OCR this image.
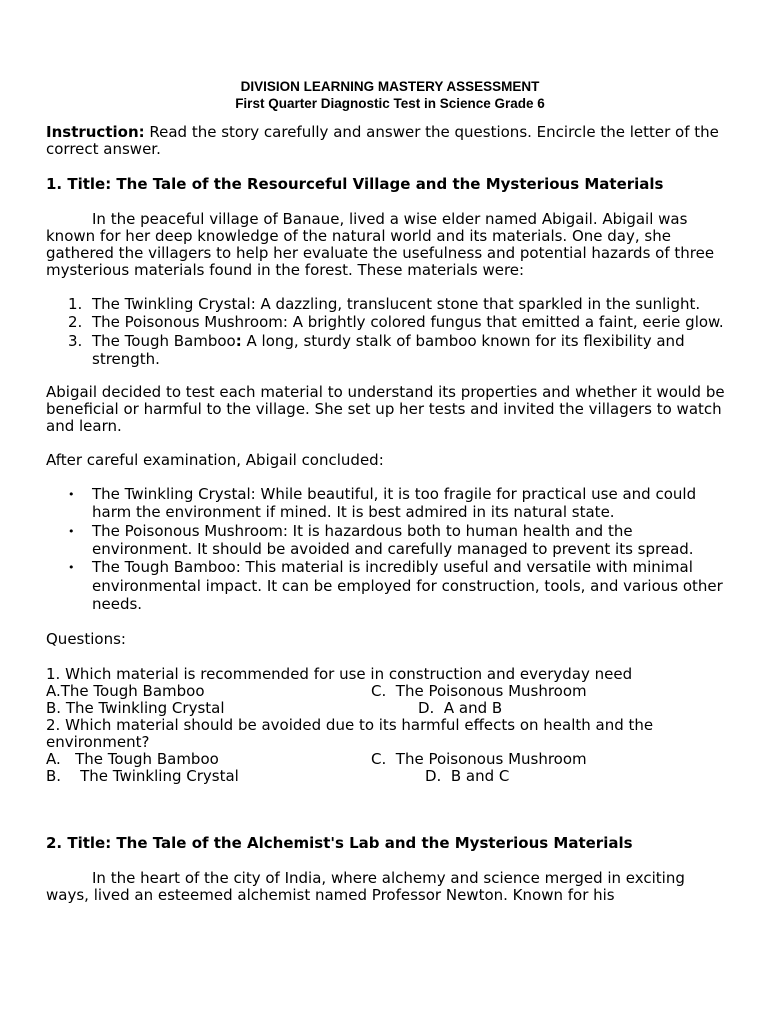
DIVISION LEARNING MASTERY ASSESSMENT

First Quarter Diagnostic Test in Science Grade 6

Instruction: Read the story carefully and answer the questions. Encircle the letter of the correct answer.

1. Title: The Tale of the Resourceful Village and the Mysterious Materials

In the peaceful village of Banaue, lived a wise elder named Abigail. Abigail was known for her deep knowledge of the natural world and its materials. One day, she gathered the villagers to help her evaluate the usefulness and potential hazards of three mysterious materials found in the forest. These materials were:

1. The Twinkling Crystal: A dazzling, translucent stone that sparkled in the sunlight.
2. The Poisonous Mushroom: A brightly colored fungus that emitted a faint, eerie glow.
3. The Tough Bamboo: A long, sturdy stalk of bamboo known for its flexibility and strength.

Abigail decided to test each material to understand its properties and whether it would be beneficial or harmful to the village. She set up her tests and invited the villagers to watch and learn.

After careful examination, Abigail concluded:

• The Twinkling Crystal: While beautiful, it is too fragile for practical use and could harm the environment if mined. It is best admired in its natural state.
• The Poisonous Mushroom: It is hazardous both to human health and the environment. It should be avoided and carefully managed to prevent its spread.
• The Tough Bamboo: This material is incredibly useful and versatile with minimal environmental impact. It can be employed for construction, tools, and various other needs.

Questions:

1. Which material is recommended for use in construction and everyday need

A.The Tough Bamboo	C.  The Poisonous Mushroom
B. The Twinkling Crystal	D.  A and B

2. Which material should be avoided due to its harmful effects on health and the environment?

A.   The Tough Bamboo	C.  The Poisonous Mushroom
B.    The Twinkling Crystal	D.  B and C

2. Title: The Tale of the Alchemist's Lab and the Mysterious Materials

In the heart of the city of India, where alchemy and science merged in exciting ways, lived an esteemed alchemist named Professor Newton. Known for his
